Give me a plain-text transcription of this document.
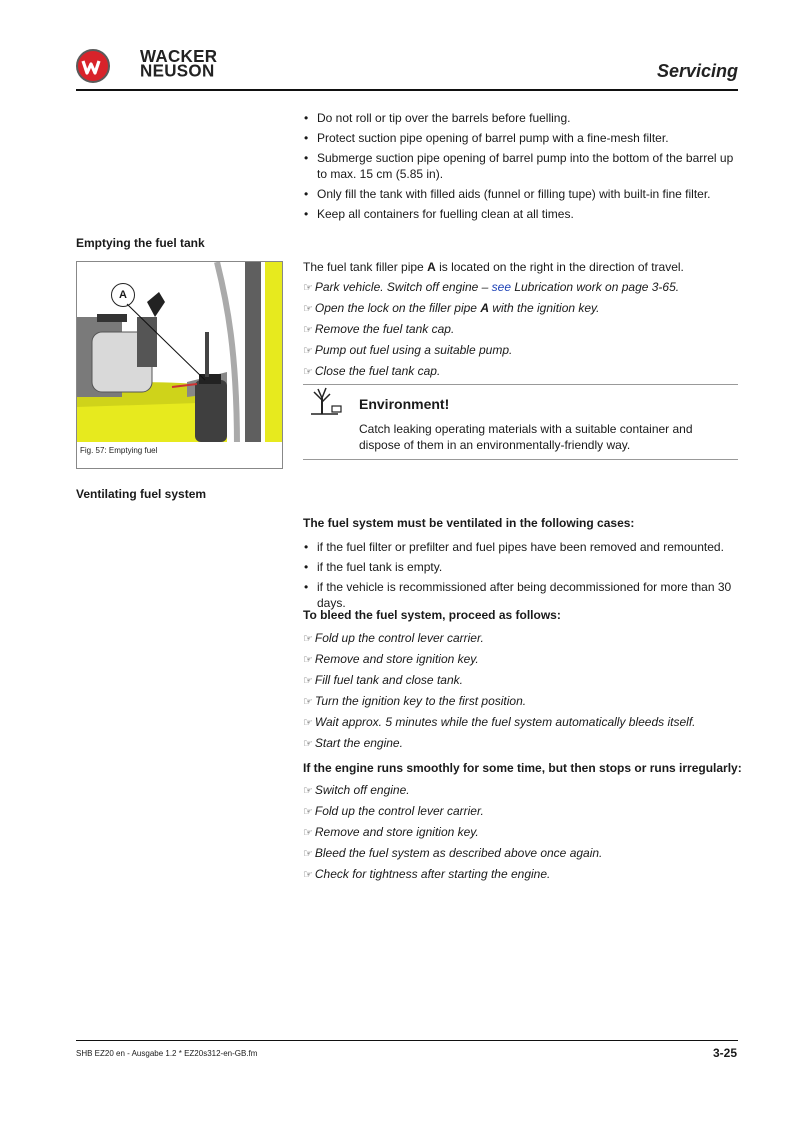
WACKER
NEUSON	Servicing
• Do not roll or tip over the barrels before fuelling.
• Protect suction pipe opening of barrel pump with a fine-mesh filter.
• Submerge suction pipe opening of barrel pump into the bottom of the barrel up to max. 15 cm (5.85 in).
• Only fill the tank with filled aids (funnel or filling tupe) with built-in fine filter.
• Keep all containers for fuelling clean at all times.
Emptying the fuel tank
A
Fig. 57: Emptying fuel
The fuel tank filler pipe A is located on the right in the direction of travel.
☞ Park vehicle. Switch off engine – see Lubrication work on page 3-65.
☞ Open the lock on the filler pipe A with the ignition key.
☞ Remove the fuel tank cap.
☞ Pump out fuel using a suitable pump.
☞ Close the fuel tank cap.
Environment!
Catch leaking operating materials with a suitable container and dispose of them in an environmentally-friendly way.
Ventilating fuel system
The fuel system must be ventilated in the following cases:
• if the fuel filter or prefilter and fuel pipes have been removed and remounted.
• if the fuel tank is empty.
• if the vehicle is recommissioned after being decommissioned for more than 30 days.
To bleed the fuel system, proceed as follows:
☞ Fold up the control lever carrier.
☞ Remove and store ignition key.
☞ Fill fuel tank and close tank.
☞ Turn the ignition key to the first position.
☞ Wait approx. 5 minutes while the fuel system automatically bleeds itself.
☞ Start the engine.
If the engine runs smoothly for some time, but then stops or runs irregularly:
☞ Switch off engine.
☞ Fold up the control lever carrier.
☞ Remove and store ignition key.
☞ Bleed the fuel system as described above once again.
☞ Check for tightness after starting the engine.
SHB EZ20 en - Ausgabe 1.2 * EZ20s312-en-GB.fm	3-25
